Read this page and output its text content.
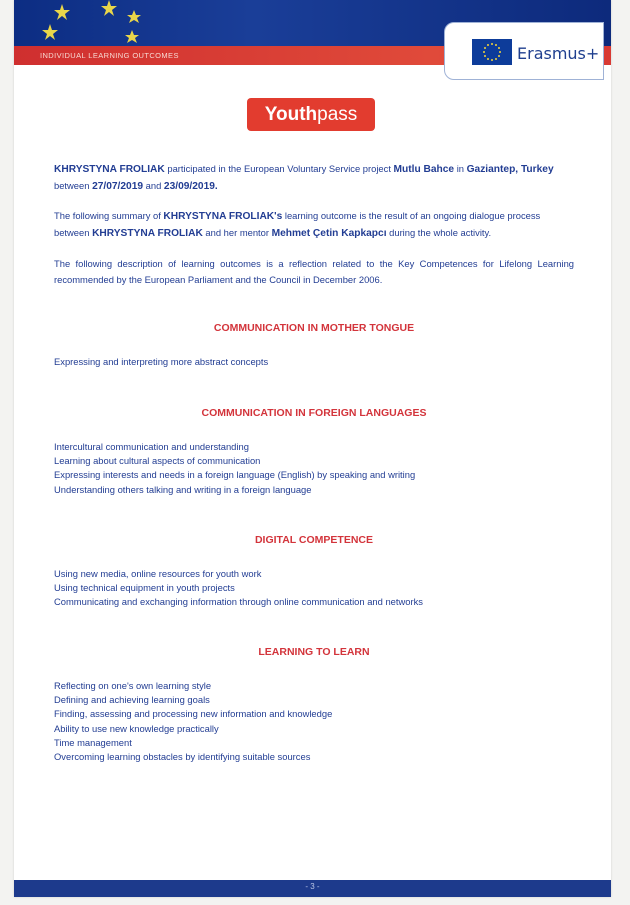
INDIVIDUAL LEARNING OUTCOMES	Erasmus+
Youthpass

KHRYSTYNA FROLIAK participated in the European Voluntary Service project Mutlu Bahce in Gaziantep, Turkey between 27/07/2019 and 23/09/2019.

The following summary of KHRYSTYNA FROLIAK's learning outcome is the result of an ongoing dialogue process between KHRYSTYNA FROLIAK and her mentor Mehmet Çetin Kapkapcı during the whole activity.

The following description of learning outcomes is a reflection related to the Key Competences for Lifelong Learning recommended by the European Parliament and the Council in December 2006.

COMMUNICATION IN MOTHER TONGUE
Expressing and interpreting more abstract concepts
COMMUNICATION IN FOREIGN LANGUAGES
Intercultural communication and understanding
Learning about cultural aspects of communication
Expressing interests and needs in a foreign language (English) by speaking and writing
Understanding others talking and writing in a foreign language
DIGITAL COMPETENCE
Using new media, online resources for youth work
Using technical equipment in youth projects
Communicating and exchanging information through online communication and networks
LEARNING TO LEARN
Reflecting on one's own learning style
Defining and achieving learning goals
Finding, assessing and processing new information and knowledge
Ability to use new knowledge practically
Time management
Overcoming learning obstacles by identifying suitable sources
- 3 -
